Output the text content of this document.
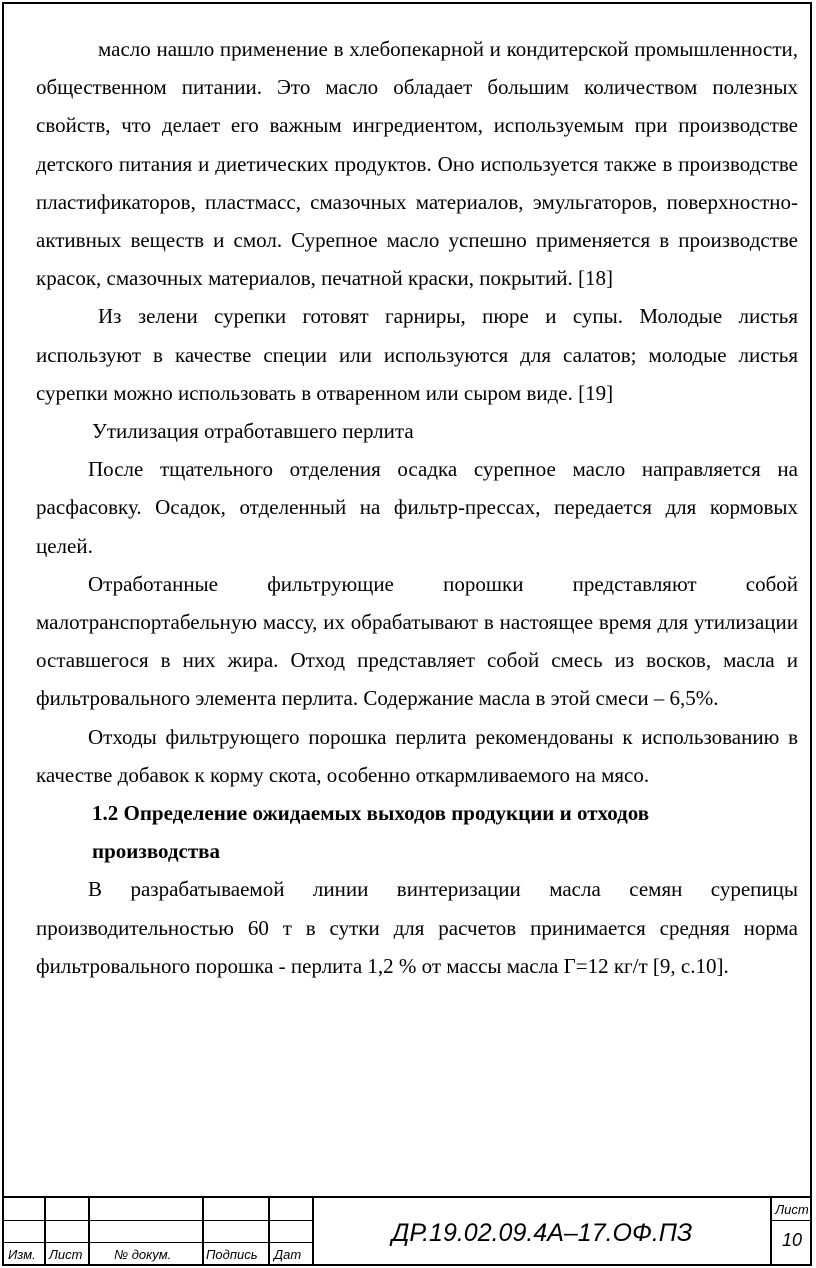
масло нашло применение в хлебопекарной и кондитерской промышленности, общественном питании. Это масло обладает большим количеством полезных свойств, что делает его важным ингредиентом, используемым при производстве детского питания и диетических продуктов. Оно используется также в производстве пластификаторов, пластмасс, смазочных материалов, эмульгаторов, поверхностно-активных веществ и смол. Сурепное масло успешно применяется в производстве красок, смазочных материалов, печатной краски, покрытий. [18]

Из зелени сурепки готовят гарниры, пюре и супы. Молодые листья используют в качестве специи или используются для салатов; молодые листья сурепки можно использовать в отваренном или сыром виде. [19]

Утилизация отработавшего перлита

После тщательного отделения осадка сурепное масло направляется на расфасовку. Осадок, отделенный на фильтр-прессах, передается для кормовых целей.

Отработанные фильтрующие порошки представляют собой малотранспортабельную массу, их обрабатывают в настоящее время для утилизации оставшегося в них жира. Отход представляет собой смесь из восков, масла и фильтровального элемента перлита. Содержание масла в этой смеси – 6,5%.

Отходы фильтрующего порошка перлита рекомендованы к использованию в качестве добавок к корму скота, особенно откармливаемого на мясо.

1.2 Определение ожидаемых выходов продукции и отходов
производства

В разрабатываемой линии винтеризации масла семян сурепицы производительностью 60 т в сутки для расчетов принимается средняя норма фильтровального порошка - перлита 1,2 % от массы масла Г=12 кг/т [9, с.10].

Изм. Лист № докум.	Подпись Дат
ДР.19.02.09.4А–17.ОФ.ПЗ
Лист
10
